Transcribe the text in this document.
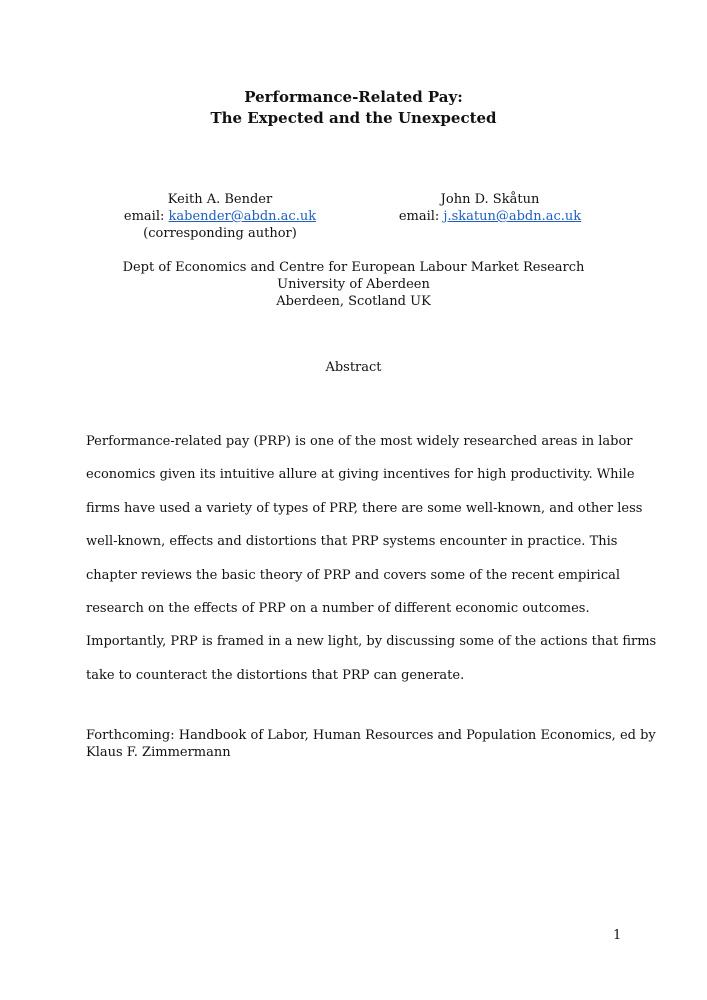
Performance-Related Pay:
The Expected and the Unexpected
Keith A. Bender
email: kabender@abdn.ac.uk
(corresponding author)
John D. Skåtun
email: j.skatun@abdn.ac.uk
Dept of Economics and Centre for European Labour Market Research
University of Aberdeen
Aberdeen, Scotland UK
Abstract
Performance-related pay (PRP) is one of the most widely researched areas in labor
economics given its intuitive allure at giving incentives for high productivity. While
firms have used a variety of types of PRP, there are some well-known, and other less
well-known, effects and distortions that PRP systems encounter in practice. This
chapter reviews the basic theory of PRP and covers some of the recent empirical
research on the effects of PRP on a number of different economic outcomes.
Importantly, PRP is framed in a new light, by discussing some of the actions that firms
take to counteract the distortions that PRP can generate.
Forthcoming: Handbook of Labor, Human Resources and Population Economics, ed by
Klaus F. Zimmermann
1
